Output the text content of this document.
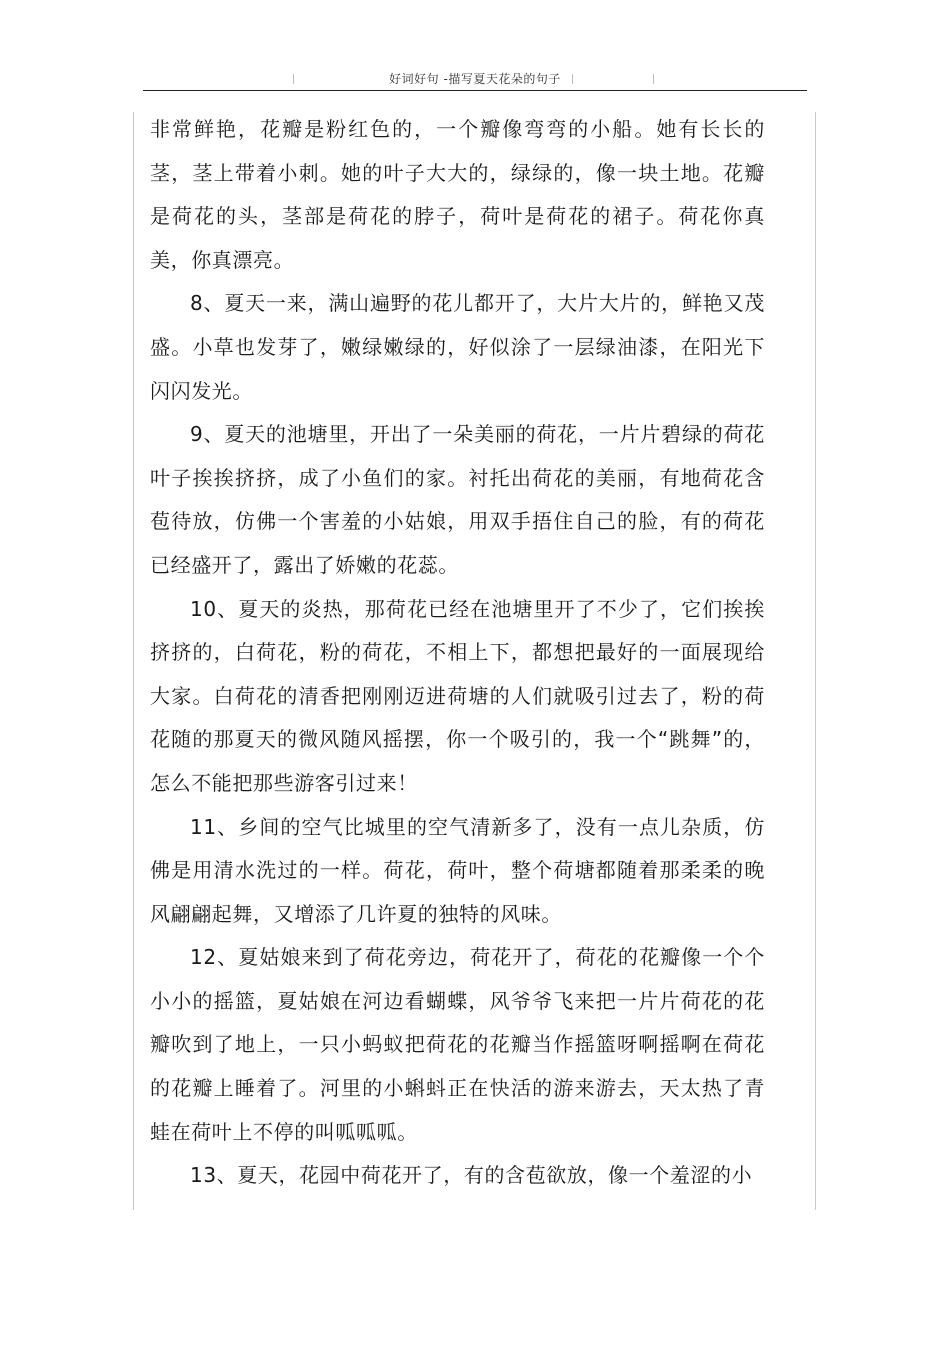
好词好句 -描写夏天花朵的句子

非常鲜艳，花瓣是粉红色的，一个瓣像弯弯的小船。她有长长的茎，茎上带着小刺。她的叶子大大的，绿绿的，像一块土地。花瓣是荷花的头，茎部是荷花的脖子，荷叶是荷花的裙子。荷花你真美，你真漂亮。

8、夏天一来，满山遍野的花儿都开了，大片大片的，鲜艳又茂盛。小草也发芽了，嫩绿嫩绿的，好似涂了一层绿油漆，在阳光下闪闪发光。

9、夏天的池塘里，开出了一朵美丽的荷花，一片片碧绿的荷花叶子挨挨挤挤，成了小鱼们的家。衬托出荷花的美丽，有地荷花含苞待放，仿佛一个害羞的小姑娘，用双手捂住自己的脸，有的荷花已经盛开了，露出了娇嫩的花蕊。

10、夏天的炎热，那荷花已经在池塘里开了不少了，它们挨挨挤挤的，白荷花，粉的荷花，不相上下，都想把最好的一面展现给大家。白荷花的清香把刚刚迈进荷塘的人们就吸引过去了，粉的荷花随的那夏天的微风随风摇摆，你一个吸引的，我一个“跳舞”的，怎么不能把那些游客引过来！

11、乡间的空气比城里的空气清新多了，没有一点儿杂质，仿佛是用清水洗过的一样。荷花，荷叶，整个荷塘都随着那柔柔的晚风翩翩起舞，又增添了几许夏的独特的风味。

12、夏姑娘来到了荷花旁边，荷花开了，荷花的花瓣像一个个小小的摇篮，夏姑娘在河边看蝴蝶，风爷爷飞来把一片片荷花的花瓣吹到了地上，一只小蚂蚁把荷花的花瓣当作摇篮呀啊摇啊在荷花的花瓣上睡着了。河里的小蝌蚪正在快活的游来游去，天太热了青蛙在荷叶上不停的叫呱呱呱。

13、夏天，花园中荷花开了，有的含苞欲放，像一个羞涩的小
